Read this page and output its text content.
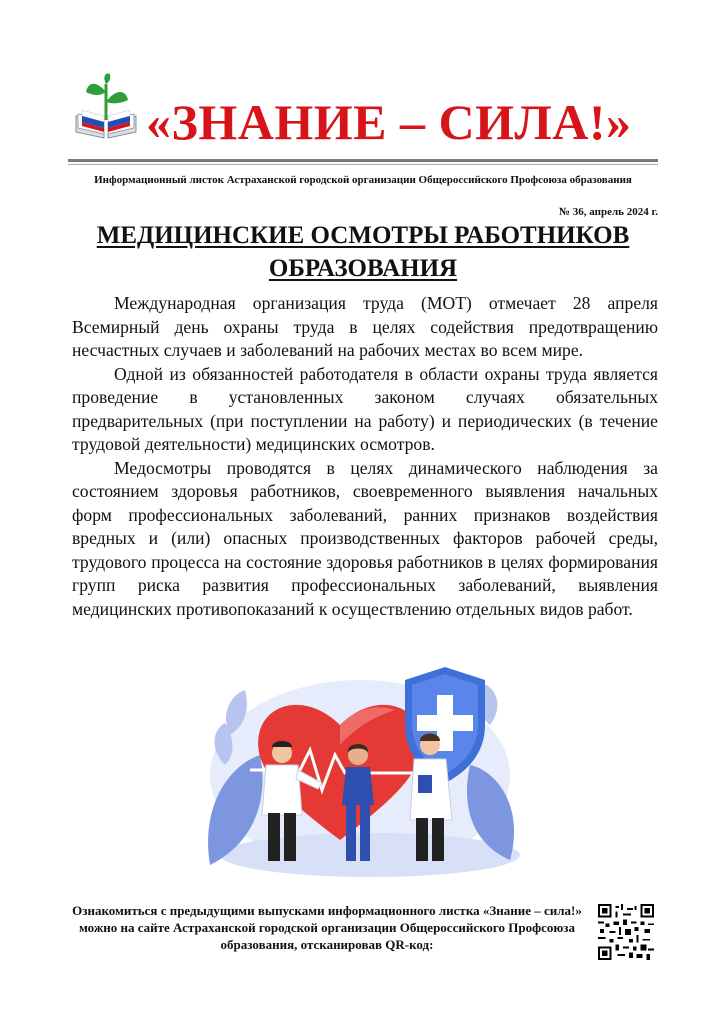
«ЗНАНИЕ – СИЛА!»
Информационный листок Астраханской городской организации Общероссийского Профсоюза образования
№ 36, апрель 2024 г.
МЕДИЦИНСКИЕ ОСМОТРЫ РАБОТНИКОВ
ОБРАЗОВАНИЯ

Международная организация труда (МОТ) отмечает 28 апреля Всемирный день охраны труда в целях содействия предотвращению несчастных случаев и заболеваний на рабочих местах во всем мире.

Одной из обязанностей работодателя в области охраны труда является проведение в установленных законом случаях обязательных предварительных (при поступлении на работу) и периодических (в течение трудовой деятельности) медицинских осмотров.

Медосмотры проводятся в целях динамического наблюдения за состоянием здоровья работников, своевременного выявления начальных форм профессиональных заболеваний, ранних признаков воздействия вредных и (или) опасных производственных факторов рабочей среды, трудового процесса на состояние здоровья работников в целях формирования групп риска развития профессиональных заболеваний, выявления медицинских противопоказаний к осуществлению отдельных видов работ.

Ознакомиться с предыдущими выпусками информационного листка «Знание – сила!» можно на сайте Астраханской городской организации Общероссийского Профсоюза образования, отсканировав QR-код:
